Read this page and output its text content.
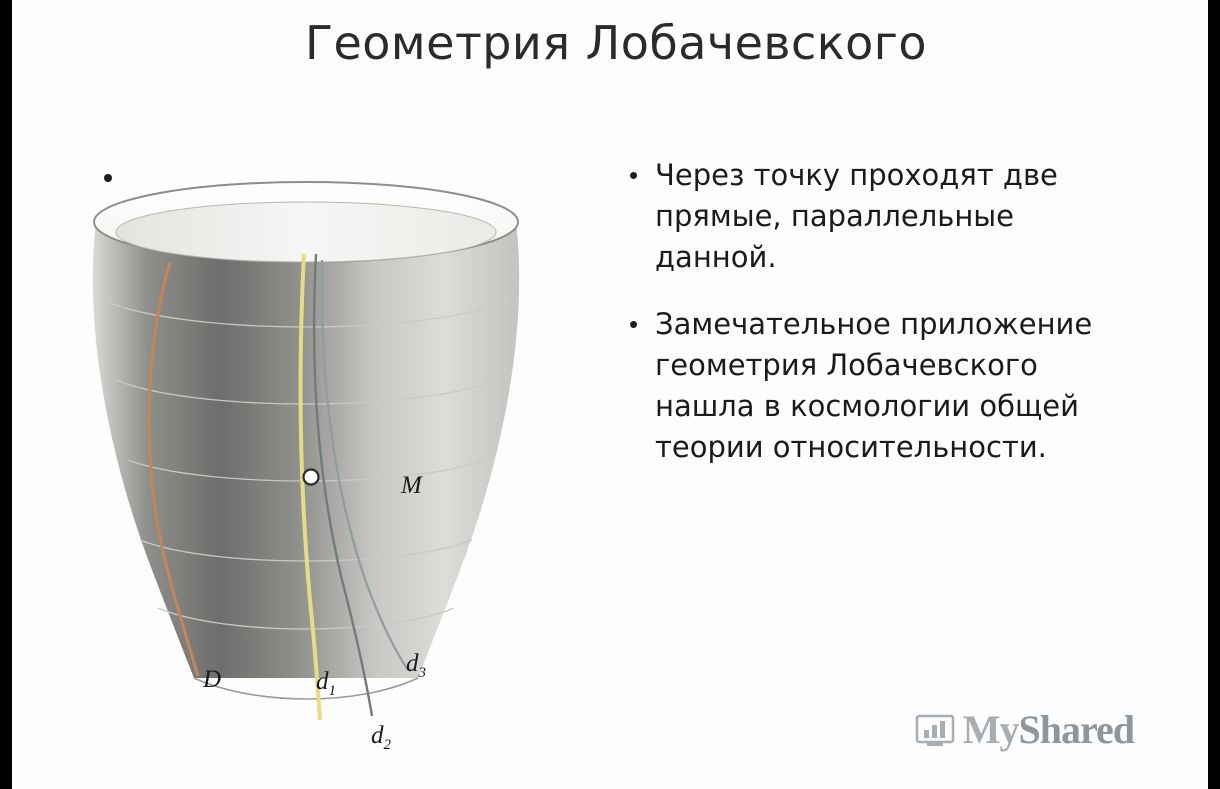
Геометрия Лобачевского
M
D	$d_1$
$d_2$
$d_3$
• Через точку проходят две прямые, параллельные данной.
• Замечательное приложение геометрия Лобачевского нашла в космологии общей теории относительности.
MyShared
